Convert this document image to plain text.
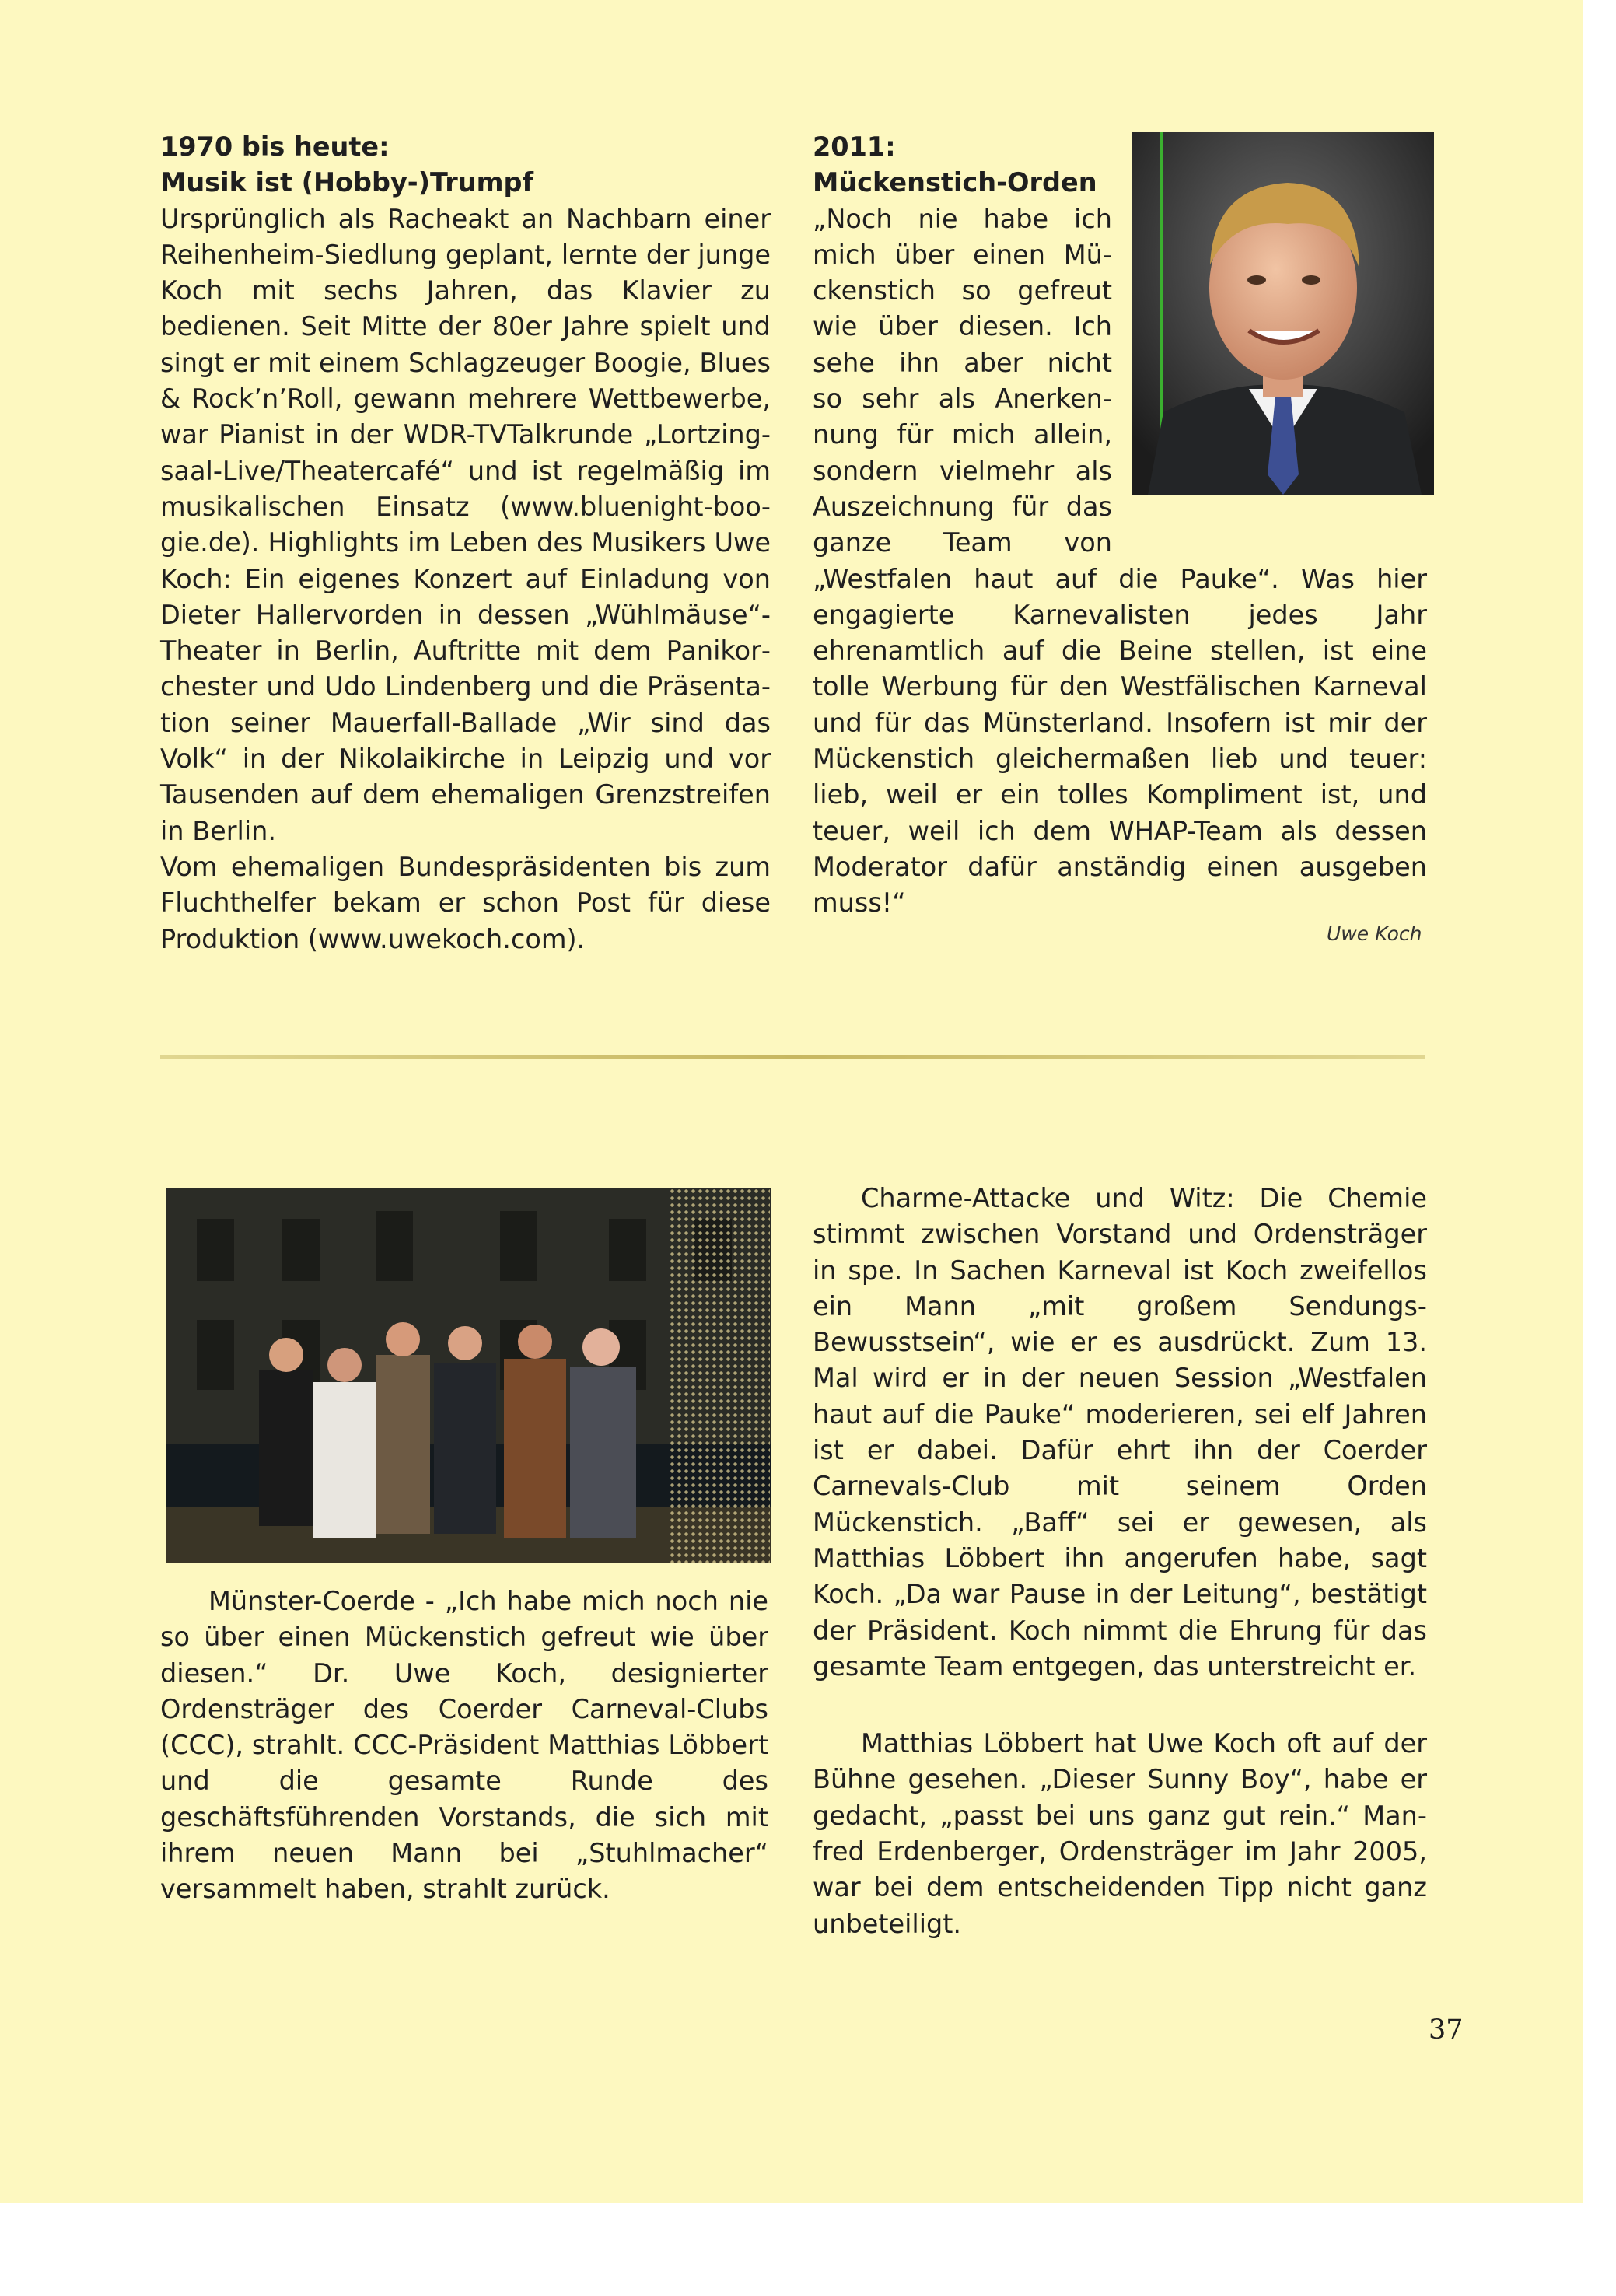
1970 bis heute:

Musik ist (Hobby-)Trumpf

Ursprünglich als Racheakt an Nachbarn einer Reihenheim-Siedlung geplant, lernte der junge Koch mit sechs Jahren, das Klavier zu bedienen. Seit Mitte der 80er Jahre spielt und singt er mit einem Schlagzeuger Boogie, Blues & Rock’n’Roll, gewann mehrere Wettbewerbe, war Pianist in der WDR-TVTalkrunde „Lortzingsaal-Live/Theatercafé“ und ist regelmäßig im musikalischen Einsatz (www.bluenight-boogie.de). Highlights im Leben des Musikers Uwe Koch: Ein eigenes Konzert auf Einladung von Dieter Hallervorden in dessen „Wühlmäuse“-Theater in Berlin, Auftritte mit dem Panikorchester und Udo Lindenberg und die Präsentation seiner Mauerfall-Ballade „Wir sind das Volk“ in der Nikolaikirche in Leipzig und vor Tausenden auf dem ehemaligen Grenzstreifen in Berlin.

Vom ehemaligen Bundespräsidenten bis zum Fluchthelfer bekam er schon Post für diese Produktion (www.uwekoch.com).

2011:

Mückenstich-Orden

„Noch nie habe ich
mich über einen Mü-
ckenstich so gefreut
wie über diesen. Ich
sehe ihn aber nicht
so sehr als Anerken-
nung für mich allein,
sondern vielmehr als
Auszeichnung für das
ganze Team von

„Westfalen haut auf die Pauke“. Was hier engagierte Karnevalisten jedes Jahr ehrenamtlich auf die Beine stellen, ist eine tolle Werbung für den Westfälischen Karneval und für das Münsterland. Insofern ist mir der Mückenstich gleichermaßen lieb und teuer: lieb, weil er ein tolles Kompliment ist, und teuer, weil ich dem WHAP-Team als dessen Moderator dafür anständig einen ausgeben muss!“

Uwe Koch

Münster-Coerde - „Ich habe mich noch nie so über einen Mückenstich gefreut wie über diesen.“ Dr. Uwe Koch, designierter Ordensträger des Coerder Carneval-Clubs (CCC), strahlt. CCC-Präsident Matthias Löbbert und die gesamte Runde des geschäftsführenden Vorstands, die sich mit ihrem neuen Mann bei „Stuhlmacher“ versammelt haben, strahlt zurück.

Charme-Attacke und Witz: Die Chemie stimmt zwischen Vorstand und Ordensträger in spe. In Sachen Karneval ist Koch zweifellos ein Mann „mit großem Sendungs-Bewusstsein“, wie er es ausdrückt. Zum 13. Mal wird er in der neuen Session „Westfalen haut auf die Pauke“ moderieren, sei elf Jahren ist er dabei. Dafür ehrt ihn der Coerder Carnevals-Club mit seinem Orden Mückenstich. „Baff“ sei er gewesen, als Matthias Löbbert ihn angerufen habe, sagt Koch. „Da war Pause in der Leitung“, bestätigt der Präsident. Koch nimmt die Ehrung für das gesamte Team entgegen, das unterstreicht er.

Matthias Löbbert hat Uwe Koch oft auf der Bühne gesehen. „Dieser Sunny Boy“, habe er gedacht, „passt bei uns ganz gut rein.“ Manfred Erdenberger, Ordensträger im Jahr 2005, war bei dem entscheidenden Tipp nicht ganz unbeteiligt.

37
